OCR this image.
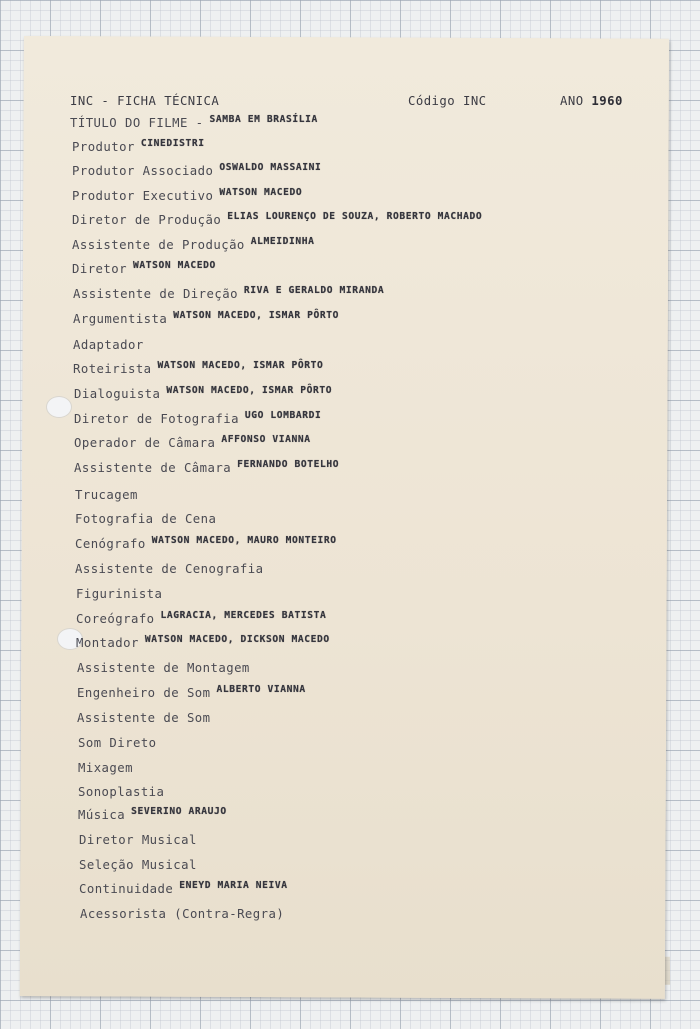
INC - FICHA TÉCNICA	Código INC	ANO 1960
TÍTULO DO FILME - $^{SAMBA EM BRASÍLIA}$
Produtor $^{CINEDISTRI}$
Produtor Associado $^{OSWALDO MASSAINI}$
Produtor Executivo $^{WATSON MACEDO}$
Diretor de Produção $^{ELIAS LOURENÇO DE SOUZA, ROBERTO MACHADO}$
Assistente de Produção $^{ALMEIDINHA}$
Diretor $^{WATSON MACEDO}$
Assistente de Direção $^{RIVA E GERALDO MIRANDA}$
Argumentista $^{WATSON MACEDO, ISMAR PÔRTO}$
Adaptador
Roteirista $^{WATSON MACEDO, ISMAR PÔRTO}$
Dialoguista $^{WATSON MACEDO, ISMAR PÔRTO}$
Diretor de Fotografia $^{UGO LOMBARDI}$
Operador de Câmara $^{AFFONSO VIANNA}$
Assistente de Câmara $^{FERNANDO BOTELHO}$
Trucagem
Fotografia de Cena
Cenógrafo $^{WATSON MACEDO, MAURO MONTEIRO}$
Assistente de Cenografia
Figurinista
Coreógrafo $^{LAGRACIA, MERCEDES BATISTA}$
Montador $^{WATSON MACEDO, DICKSON MACEDO}$
Assistente de Montagem
Engenheiro de Som $^{ALBERTO VIANNA}$
Assistente de Som
Som Direto
Mixagem
Sonoplastia
Música $^{SEVERINO ARAUJO}$
Diretor Musical
Seleção Musical
Continuidade $^{ENEYD MARIA NEIVA}$
Acessorista (Contra-Regra)
